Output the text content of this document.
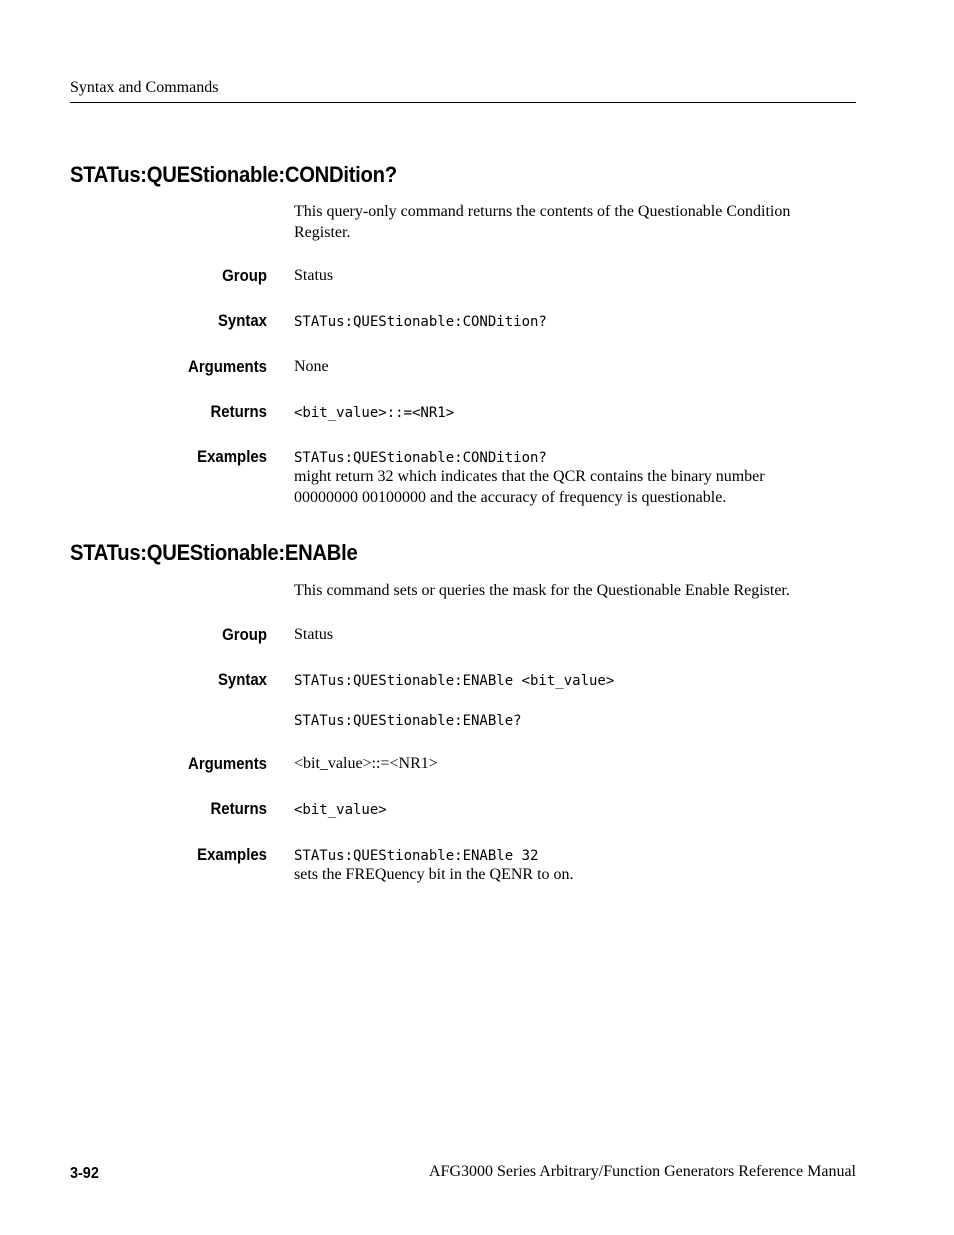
Syntax and Commands
STATus:QUEStionable:CONDition?
This query-only command returns the contents of the Questionable Condition Register.
Group Status
Syntax STATus:QUEStionable:CONDition?
Arguments None
Returns <bit_value>::=<NR1>
Examples STATus:QUEStionable:CONDition?
might return 32 which indicates that the QCR contains the binary number
00000000 00100000 and the accuracy of frequency is questionable.
STATus:QUEStionable:ENABle
This command sets or queries the mask for the Questionable Enable Register.
Group Status
Syntax STATus:QUEStionable:ENABle <bit_value>
STATus:QUEStionable:ENABle?
Arguments <bit_value>::=<NR1>
Returns <bit_value>
Examples STATus:QUEStionable:ENABle 32
sets the FREQuency bit in the QENR to on.
3-92	AFG3000 Series Arbitrary/Function Generators Reference Manual
